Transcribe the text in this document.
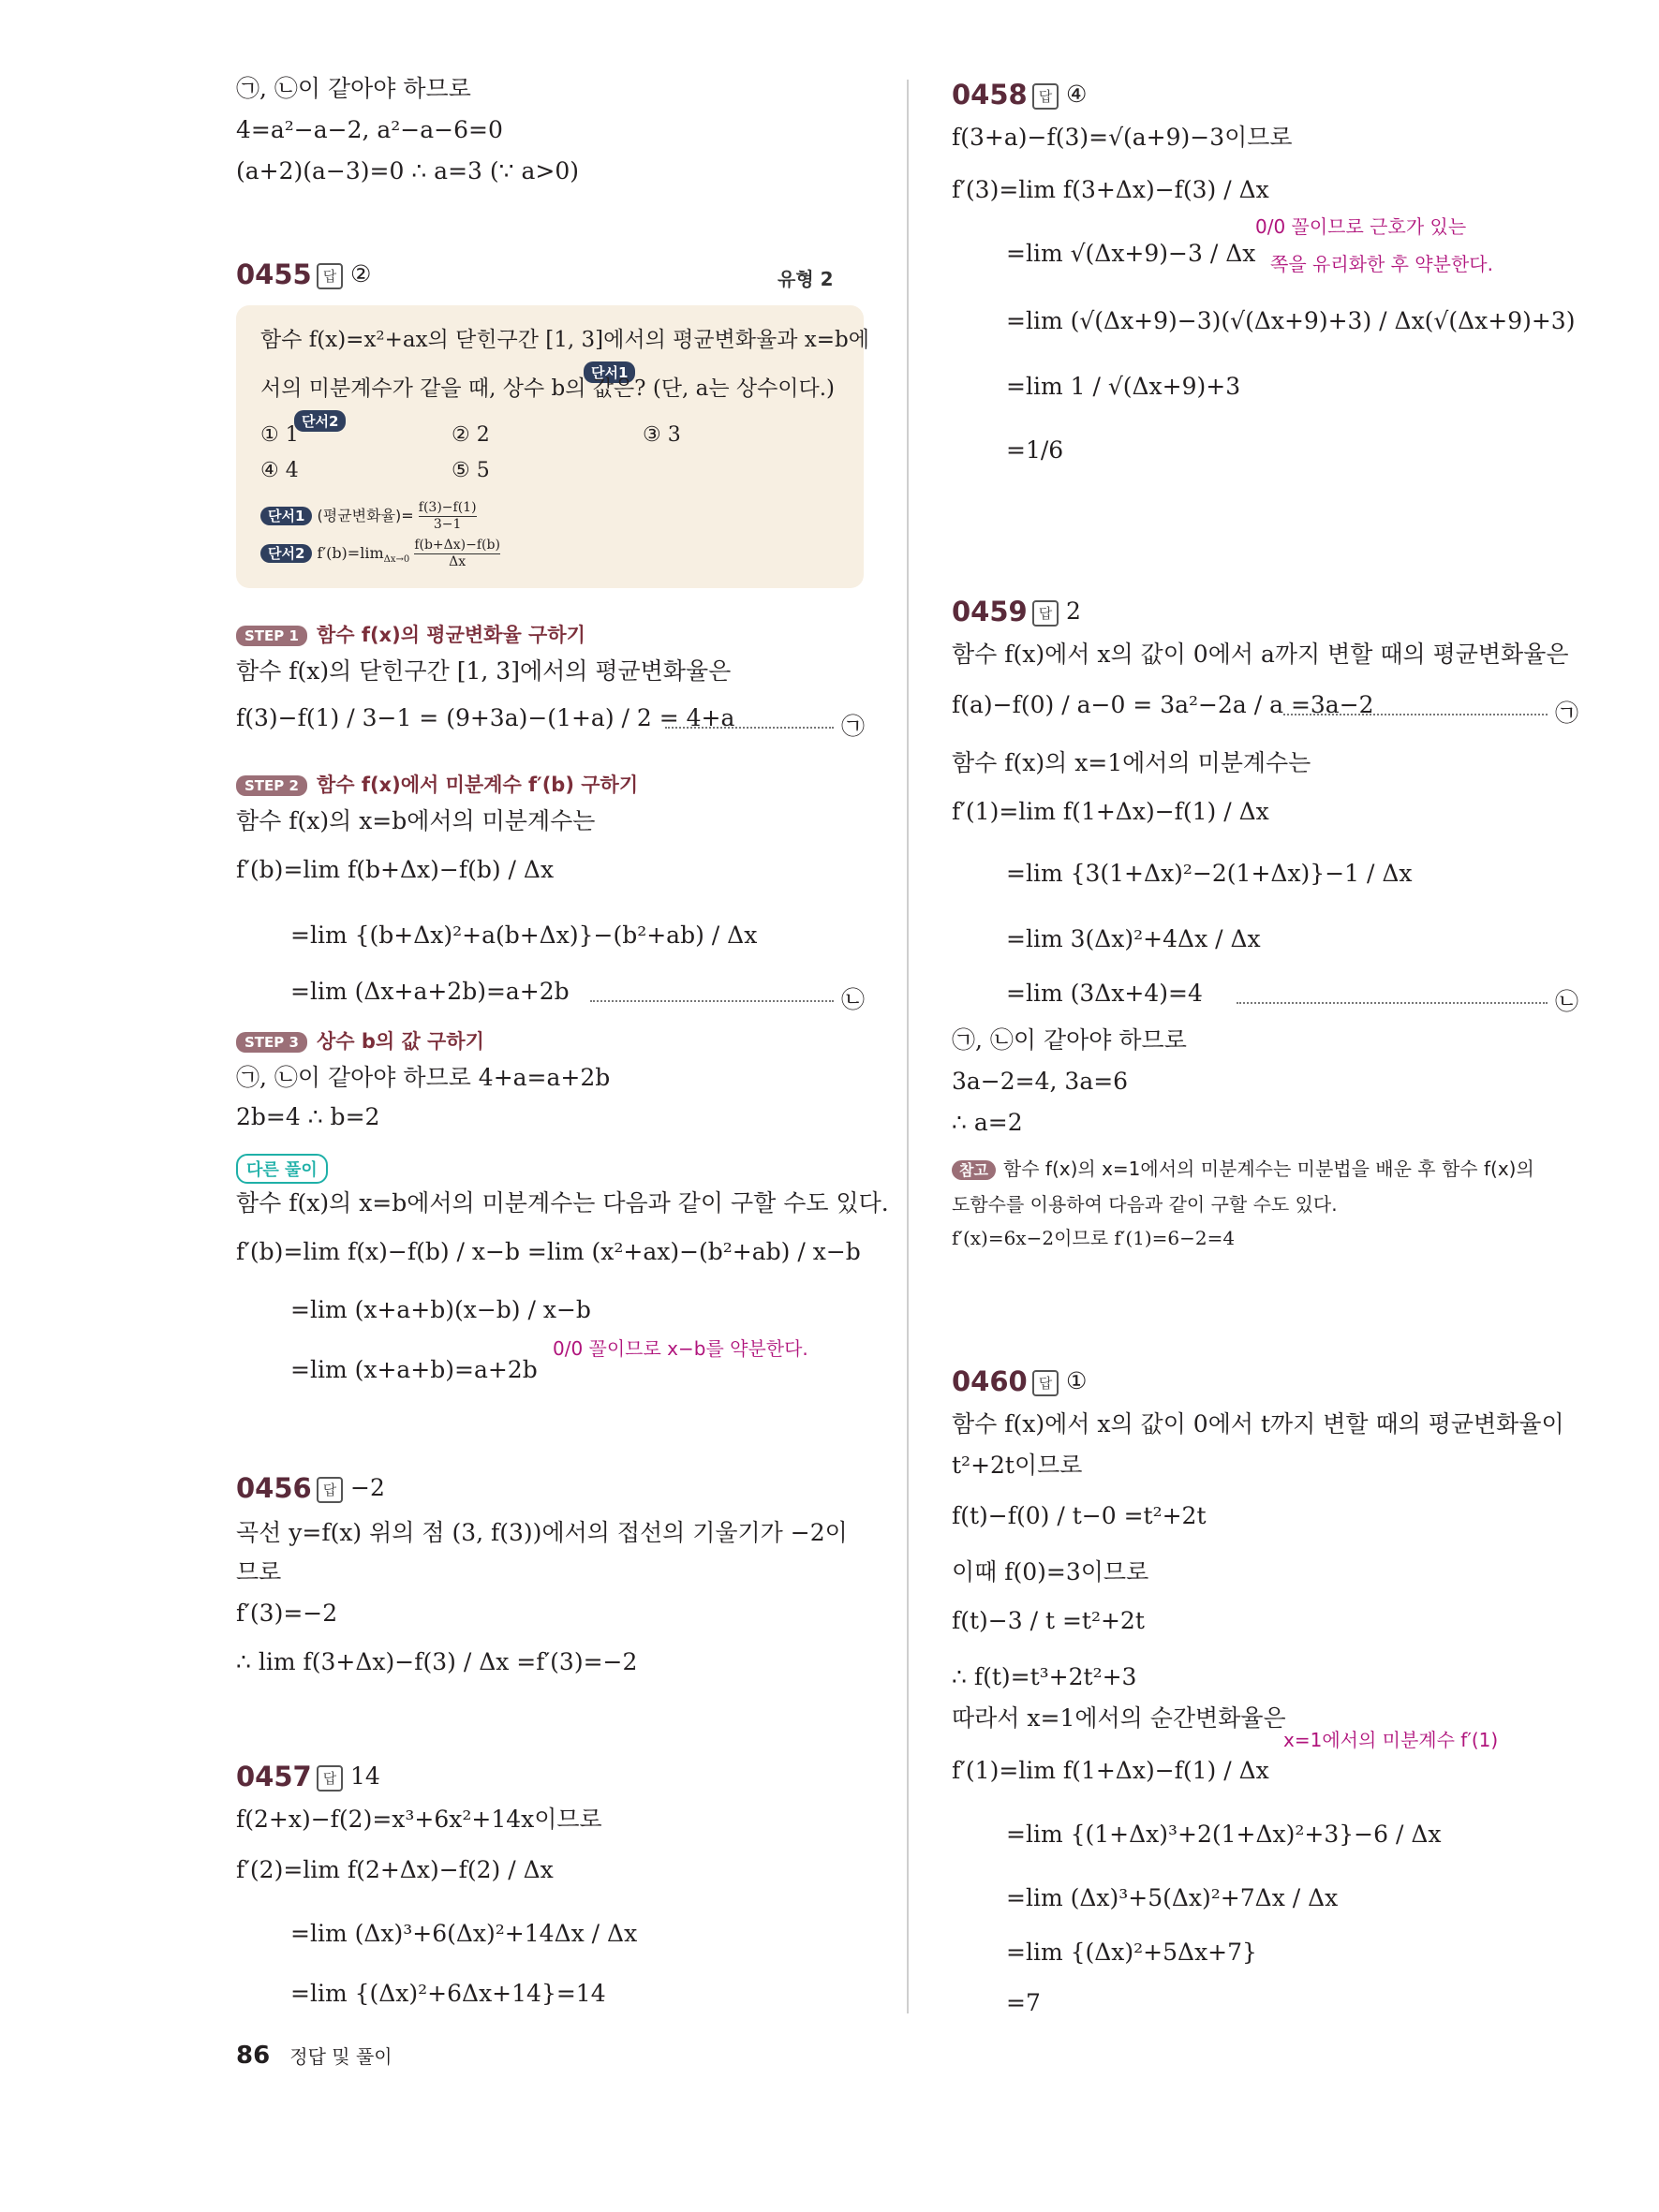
㉠, ㉡이 같아야 하므로
4=a²−a−2, a²−a−6=0
(a+2)(a−3)=0 ∴ a=3 (∵ a>0)
0455 답 ②	유형 2
함수 f(x)=x²+ax의 닫힌구간 [1, 3]에서의 평균변화율과 x=b에
단서1
서의 미분계수가 같을 때, 상수 b의 값은? (단, a는 상수이다.)
단서2
① 1	② 2	③ 3
④ 4	⑤ 5
단서1 (평균변화율)= $\frac{f(3)-f(1)}{3-1}$
단서2 $f'(b)=\lim_{\Delta x\to 0} \frac{f(b+\Delta x)-f(b)}{\Delta x}$
STEP 1 함수 f(x)의 평균변화율 구하기
함수 f(x)의 닫힌구간 [1, 3]에서의 평균변화율은
f(3)−f(1) / 3−1 = (9+3a)−(1+a) / 2 = 4+a	㉠
STEP 2 함수 f(x)에서 미분계수 f′(b) 구하기
함수 f(x)의 x=b에서의 미분계수는
f′(b)=lim f(b+Δx)−f(b) / Δx
=lim {(b+Δx)²+a(b+Δx)}−(b²+ab) / Δx
=lim (Δx+a+2b)=a+2b	㉡
STEP 3 상수 b의 값 구하기
㉠, ㉡이 같아야 하므로 4+a=a+2b
2b=4 ∴ b=2
다른 풀이
함수 f(x)의 x=b에서의 미분계수는 다음과 같이 구할 수도 있다.
f′(b)=lim f(x)−f(b) / x−b =lim (x²+ax)−(b²+ab) / x−b
=lim (x+a+b)(x−b) / x−b
0/0 꼴이므로 x−b를 약분한다.
=lim (x+a+b)=a+2b
0456 답 −2
곡선 y=f(x) 위의 점 (3, f(3))에서의 접선의 기울기가 −2이
므로
f′(3)=−2
∴ lim f(3+Δx)−f(3) / Δx =f′(3)=−2
0457 답 14
f(2+x)−f(2)=x³+6x²+14x이므로
f′(2)=lim f(2+Δx)−f(2) / Δx
=lim (Δx)³+6(Δx)²+14Δx / Δx
=lim {(Δx)²+6Δx+14}=14
0458 답 ④
f(3+a)−f(3)=√(a+9)−3이므로
f′(3)=lim f(3+Δx)−f(3) / Δx
=lim √(Δx+9)−3 / Δx
0/0 꼴이므로 근호가 있는
쪽을 유리화한 후 약분한다.
=lim (√(Δx+9)−3)(√(Δx+9)+3) / Δx(√(Δx+9)+3)
=lim 1 / √(Δx+9)+3
=1/6
0459 답 2
함수 f(x)에서 x의 값이 0에서 a까지 변할 때의 평균변화율은
f(a)−f(0) / a−0 = 3a²−2a / a =3a−2	㉠
함수 f(x)의 x=1에서의 미분계수는
f′(1)=lim f(1+Δx)−f(1) / Δx
=lim {3(1+Δx)²−2(1+Δx)}−1 / Δx
=lim 3(Δx)²+4Δx / Δx
=lim (3Δx+4)=4	㉡
㉠, ㉡이 같아야 하므로
3a−2=4, 3a=6
∴ a=2
참고 함수 f(x)의 x=1에서의 미분계수는 미분법을 배운 후 함수 f(x)의
도함수를 이용하여 다음과 같이 구할 수도 있다.
f′(x)=6x−2이므로 f′(1)=6−2=4
0460 답 ①
함수 f(x)에서 x의 값이 0에서 t까지 변할 때의 평균변화율이
t²+2t이므로
f(t)−f(0) / t−0 =t²+2t
이때 f(0)=3이므로
f(t)−3 / t =t²+2t
∴ f(t)=t³+2t²+3
따라서 x=1에서의 순간변화율은
x=1에서의 미분계수 f′(1)
f′(1)=lim f(1+Δx)−f(1) / Δx
=lim {(1+Δx)³+2(1+Δx)²+3}−6 / Δx
=lim (Δx)³+5(Δx)²+7Δx / Δx
=lim {(Δx)²+5Δx+7}
=7
86 정답 및 풀이
